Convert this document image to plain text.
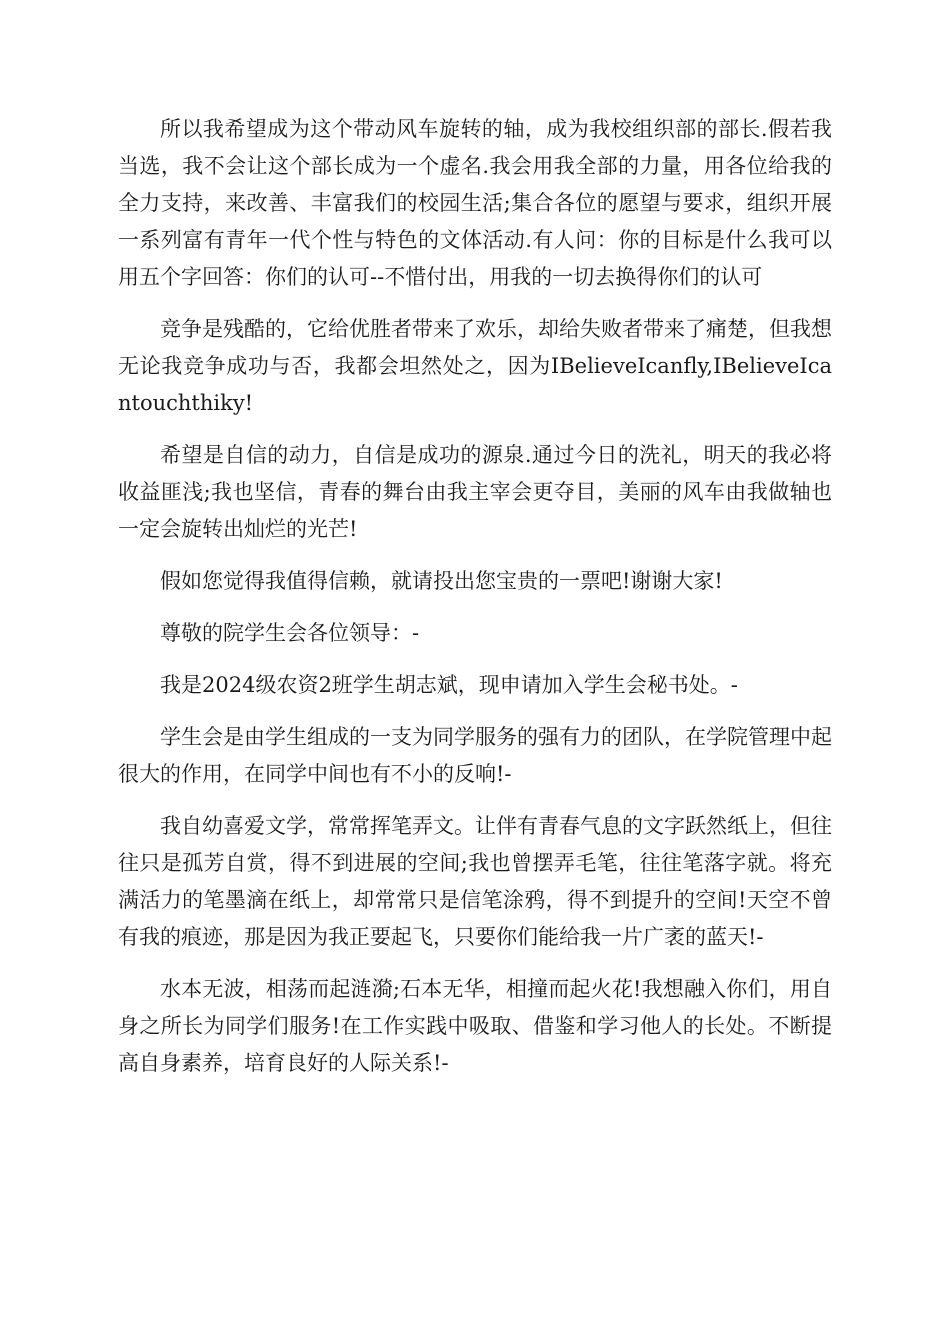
所以我希望成为这个带动风车旋转的轴，成为我校组织部的部长.假若我当选，我不会让这个部长成为一个虚名.我会用我全部的力量，用各位给我的全力支持，来改善、丰富我们的校园生活;集合各位的愿望与要求，组织开展一系列富有青年一代个性与特色的文体活动.有人问：你的目标是什么我可以用五个字回答：你们的认可--不惜付出，用我的一切去换得你们的认可

竞争是残酷的，它给优胜者带来了欢乐，却给失败者带来了痛楚，但我想无论我竞争成功与否，我都会坦然处之，因为IBelieveIcanfly,IBelieveIcantouchthiky!

希望是自信的动力，自信是成功的源泉.通过今日的洗礼，明天的我必将收益匪浅;我也坚信，青春的舞台由我主宰会更夺目，美丽的风车由我做轴也一定会旋转出灿烂的光芒!

假如您觉得我值得信赖，就请投出您宝贵的一票吧!谢谢大家!

尊敬的院学生会各位领导：-

我是2024级农资2班学生胡志斌，现申请加入学生会秘书处。-

学生会是由学生组成的一支为同学服务的强有力的团队，在学院管理中起很大的作用，在同学中间也有不小的反响!-

我自幼喜爱文学，常常挥笔弄文。让伴有青春气息的文字跃然纸上，但往往只是孤芳自赏，得不到进展的空间;我也曾摆弄毛笔，往往笔落字就。将充满活力的笔墨滴在纸上，却常常只是信笔涂鸦，得不到提升的空间!天空不曾有我的痕迹，那是因为我正要起飞，只要你们能给我一片广袤的蓝天!-

水本无波，相荡而起涟漪;石本无华，相撞而起火花!我想融入你们，用自身之所长为同学们服务!在工作实践中吸取、借鉴和学习他人的长处。不断提高自身素养，培育良好的人际关系!-
